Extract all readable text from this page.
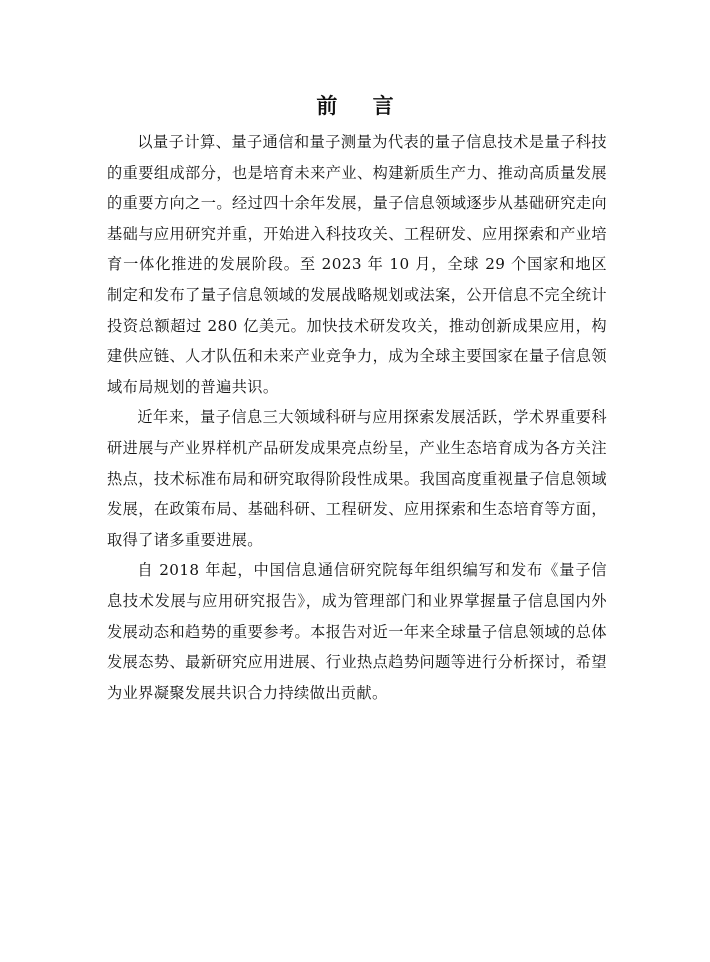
前 言

以量子计算、量子通信和量子测量为代表的量子信息技术是量子科技的重要组成部分，也是培育未来产业、构建新质生产力、推动高质量发展的重要方向之一。经过四十余年发展，量子信息领域逐步从基础研究走向基础与应用研究并重，开始进入科技攻关、工程研发、应用探索和产业培育一体化推进的发展阶段。至 2023 年 10 月，全球 29 个国家和地区制定和发布了量子信息领域的发展战略规划或法案，公开信息不完全统计投资总额超过 280 亿美元。加快技术研发攻关，推动创新成果应用，构建供应链、人才队伍和未来产业竞争力，成为全球主要国家在量子信息领域布局规划的普遍共识。

近年来，量子信息三大领域科研与应用探索发展活跃，学术界重要科研进展与产业界样机产品研发成果亮点纷呈，产业生态培育成为各方关注热点，技术标准布局和研究取得阶段性成果。我国高度重视量子信息领域发展，在政策布局、基础科研、工程研发、应用探索和生态培育等方面，取得了诸多重要进展。

自 2018 年起，中国信息通信研究院每年组织编写和发布《量子信息技术发展与应用研究报告》，成为管理部门和业界掌握量子信息国内外发展动态和趋势的重要参考。本报告对近一年来全球量子信息领域的总体发展态势、最新研究应用进展、行业热点趋势问题等进行分析探讨，希望为业界凝聚发展共识合力持续做出贡献。
